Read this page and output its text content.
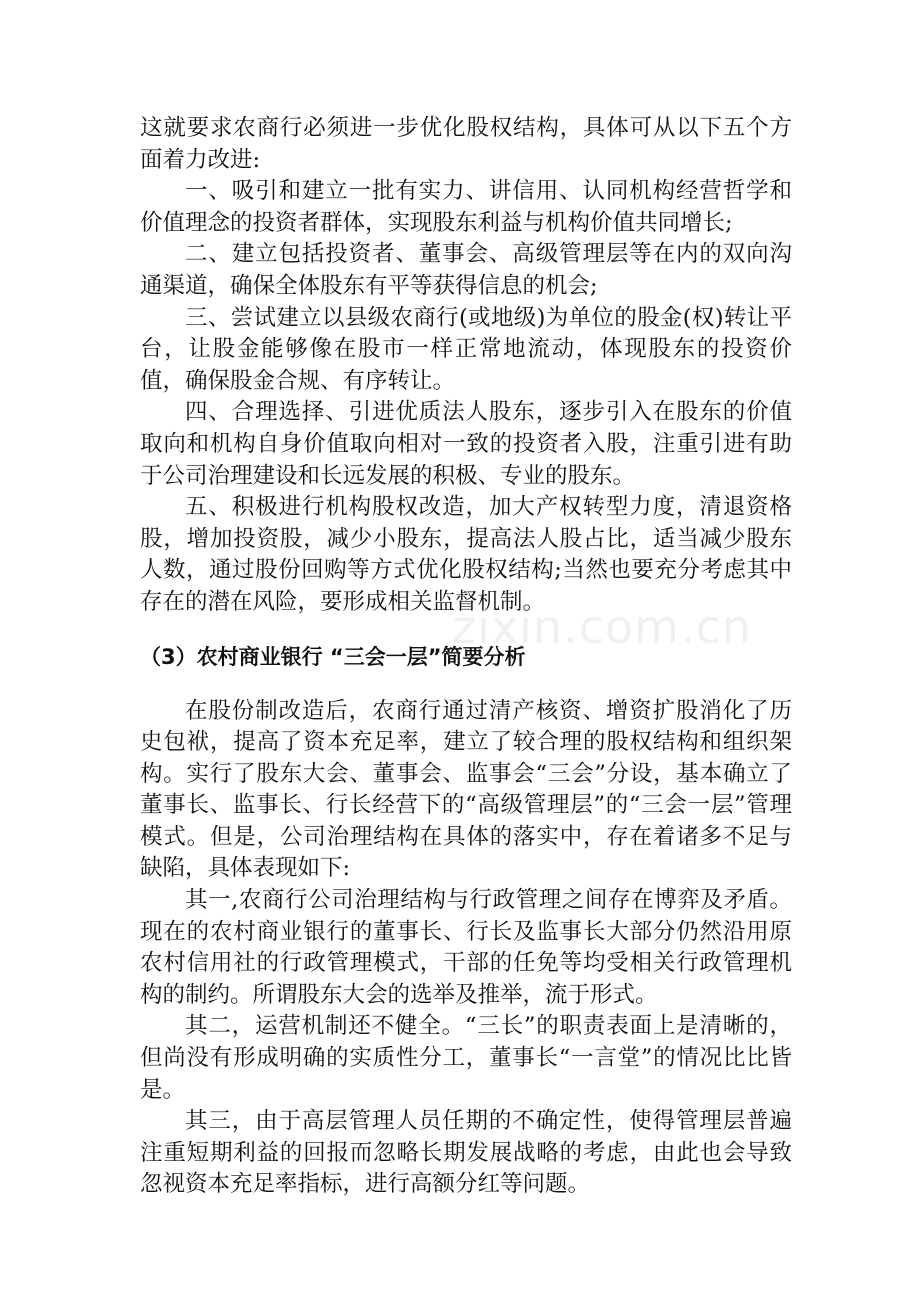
这就要求农商行必须进一步优化股权结构，具体可从以下五个方面着力改进:

一、吸引和建立一批有实力、讲信用、认同机构经营哲学和价值理念的投资者群体，实现股东利益与机构价值共同增长;

二、建立包括投资者、董事会、高级管理层等在内的双向沟通渠道，确保全体股东有平等获得信息的机会;

三、尝试建立以县级农商行(或地级)为单位的股金(权)转让平台，让股金能够像在股市一样正常地流动，体现股东的投资价值，确保股金合规、有序转让。

四、合理选择、引进优质法人股东，逐步引入在股东的价值取向和机构自身价值取向相对一致的投资者入股，注重引进有助于公司治理建设和长远发展的积极、专业的股东。

五、积极进行机构股权改造，加大产权转型力度，清退资格股，增加投资股，减少小股东，提高法人股占比，适当减少股东人数，通过股份回购等方式优化股权结构;当然也要充分考虑其中存在的潜在风险，要形成相关监督机制。

（3）农村商业银行 “三会一层”简要分析

在股份制改造后，农商行通过清产核资、增资扩股消化了历史包袱，提高了资本充足率，建立了较合理的股权结构和组织架构。实行了股东大会、董事会、监事会“三会”分设，基本确立了董事长、监事长、行长经营下的“高级管理层”的“三会一层”管理模式。但是，公司治理结构在具体的落实中，存在着诸多不足与缺陷，具体表现如下:

其一,农商行公司治理结构与行政管理之间存在博弈及矛盾。现在的农村商业银行的董事长、行长及监事长大部分仍然沿用原农村信用社的行政管理模式，干部的任免等均受相关行政管理机构的制约。所谓股东大会的选举及推举，流于形式。

其二，运营机制还不健全。“三长”的职责表面上是清晰的，但尚没有形成明确的实质性分工，董事长“一言堂”的情况比比皆是。

其三，由于高层管理人员任期的不确定性，使得管理层普遍注重短期利益的回报而忽略长期发展战略的考虑，由此也会导致忽视资本充足率指标，进行高额分红等问题。

zixin.com.cn
